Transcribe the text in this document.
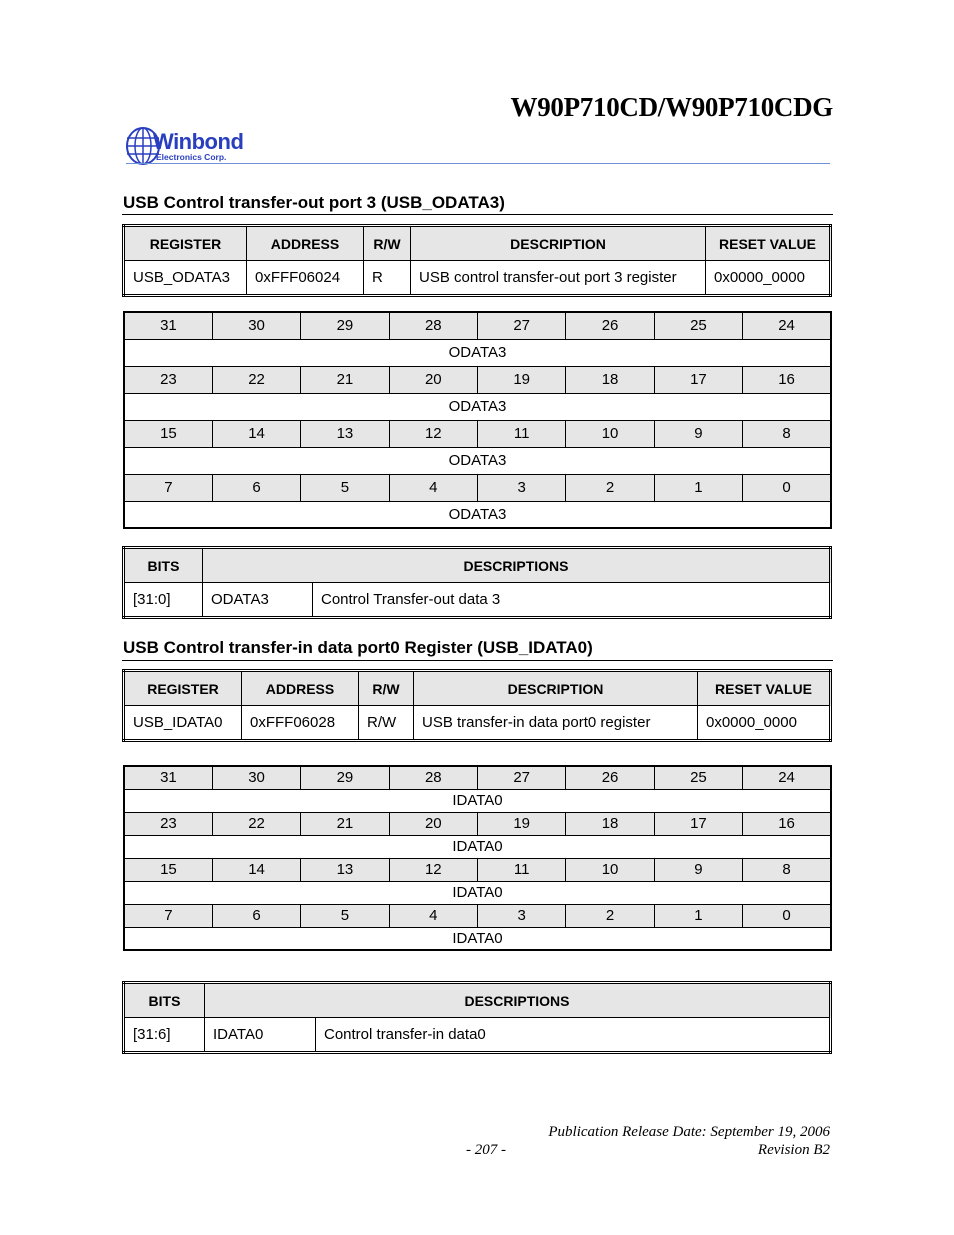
W90P710CD/W90P710CDG
Winbond
Electronics Corp.
USB Control transfer-out port 3 (USB_ODATA3)
REGISTER	ADDRESS	R/W	DESCRIPTION	RESET VALUE
USB_ODATA3	0xFFF06024	R	USB control transfer-out port 3 register	0x0000_0000
31	30	29	28	27	26	25	24
ODATA3							
23	22	21	20	19	18	17	16
ODATA3							
15	14	13	12	11	10	9	8
ODATA3							
7	6	5	4	3	2	1	0
ODATA3							
BITS	DESCRIPTIONS	
[31:0]	ODATA3	Control Transfer-out data 3
USB Control transfer-in data port0 Register (USB_IDATA0)
REGISTER	ADDRESS	R/W	DESCRIPTION	RESET VALUE
USB_IDATA0	0xFFF06028	R/W	USB transfer-in data port0 register	0x0000_0000
31	30	29	28	27	26	25	24
IDATA0							
23	22	21	20	19	18	17	16
IDATA0							
15	14	13	12	11	10	9	8
IDATA0							
7	6	5	4	3	2	1	0
IDATA0							
BITS	DESCRIPTIONS	
[31:6]	IDATA0	Control transfer-in data0
Publication Release Date: September 19, 2006
- 207 -	Revision B2
